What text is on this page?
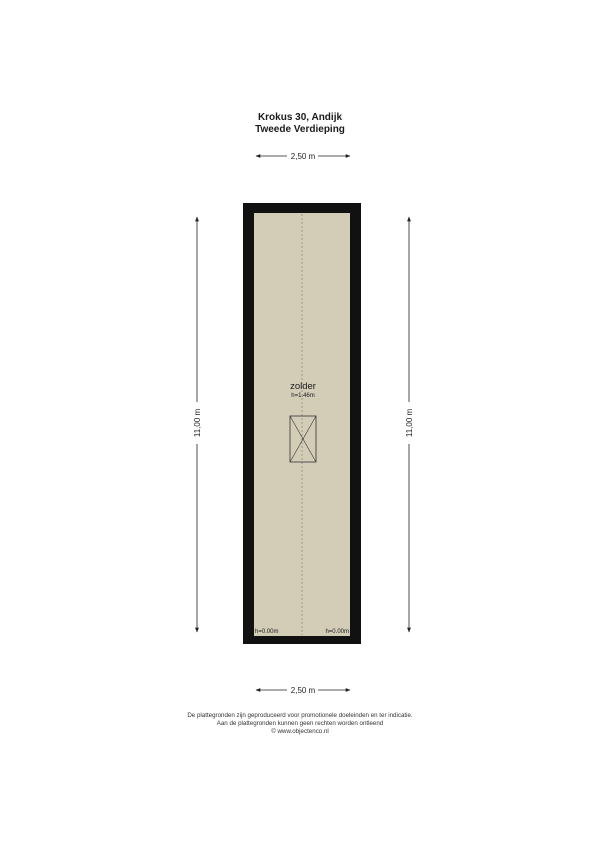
Krokus 30, Andijk
Tweede Verdieping
2,50 m
2,50 m
11,00 m	11,00 m
zolder
h=1.46m
h=0.00m	h=0.00m
De plattegronden zijn geproduceerd voor promotionele doeleinden en ter indicatie.
Aan de plattegronden kunnen geen rechten worden ontleend
© www.objectenco.nl
